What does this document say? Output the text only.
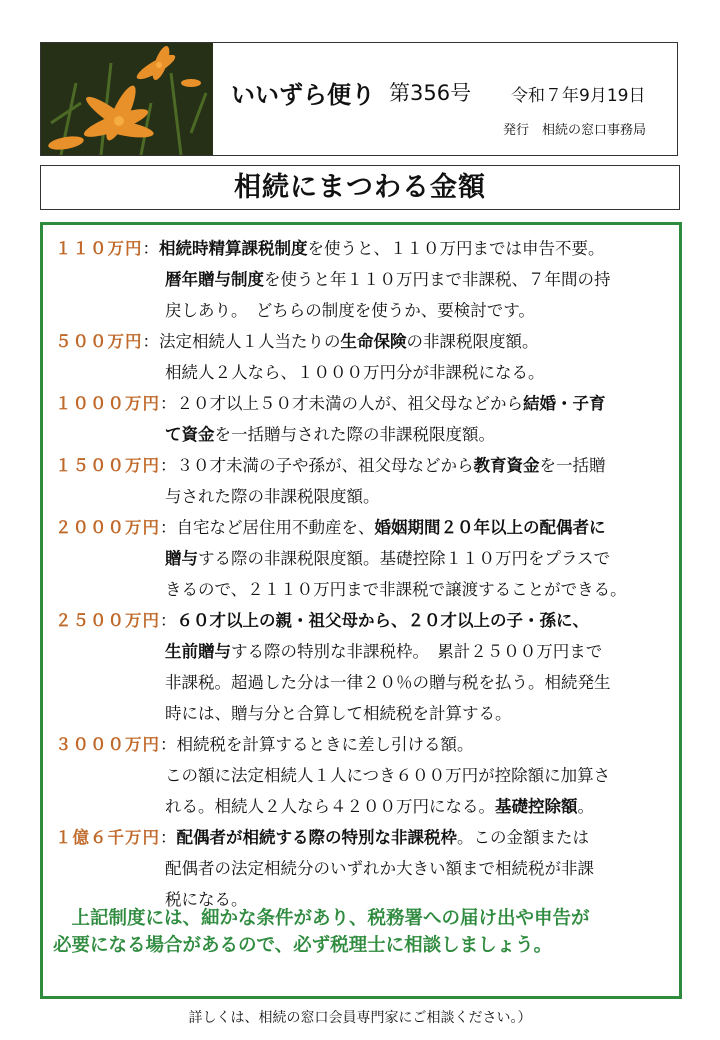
いいずら便り 第356号 令和７年9月19日
発行　相続の窓口事務局
相続にまつわる金額
１１０万円：相続時精算課税制度を使うと、１１０万円までは申告不要。
暦年贈与制度を使うと年１１０万円まで非課税、７年間の持
戻しあり。　どちらの制度を使うか、要検討です。
５００万円：法定相続人１人当たりの生命保険の非課税限度額。
相続人２人なら、１０００万円分が非課税になる。
１０００万円：２０才以上５０才未満の人が、祖父母などから結婚・子育
て資金を一括贈与された際の非課税限度額。
１５００万円：３０才未満の子や孫が、祖父母などから教育資金を一括贈
与された際の非課税限度額。
２０００万円：自宅など居住用不動産を、婚姻期間２０年以上の配偶者に
贈与する際の非課税限度額。基礎控除１１０万円をプラスで
きるので、２１１０万円まで非課税で譲渡することができる。
２５００万円：６０才以上の親・祖父母から、２０才以上の子・孫に、
生前贈与する際の特別な非課税枠。　累計２５００万円まで
非課税。超過した分は一律２０％の贈与税を払う。相続発生
時には、贈与分と合算して相続税を計算する。
３０００万円：相続税を計算するときに差し引ける額。
この額に法定相続人１人につき６００万円が控除額に加算さ
れる。相続人２人なら４２００万円になる。基礎控除額。
１億６千万円：配偶者が相続する際の特別な非課税枠。この金額または
配偶者の法定相続分のいずれか大きい額まで相続税が非課
税になる。
　上記制度には、細かな条件があり、税務署への届け出や申告が
必要になる場合があるので、必ず税理士に相談しましょう。
詳しくは、相続の窓口会員専門家にご相談ください。）
